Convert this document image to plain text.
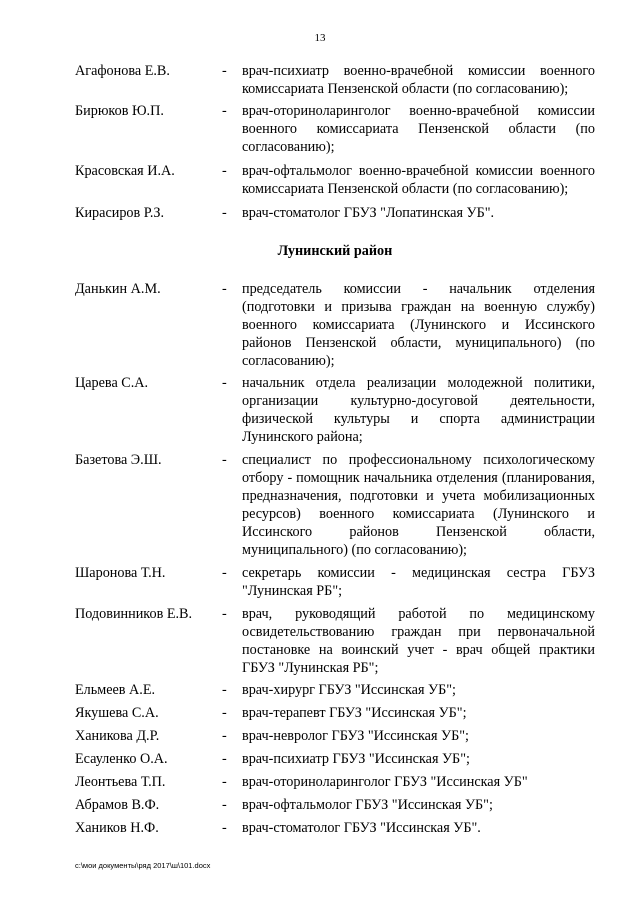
13
Агафонова Е.В.	- врач-психиатр военно-врачебной комиссии военного комиссариата Пензенской области (по согласованию);
Бирюков Ю.П.	- врач-оториноларинголог военно-врачебной комиссии военного комиссариата Пензенской области (по согласованию);
Красовская И.А.	- врач-офтальмолог военно-врачебной комиссии военного комиссариата Пензенской области (по согласованию);
Кирасиров Р.З.	- врач-стоматолог ГБУЗ "Лопатинская УБ".
Лунинский район
Данькин А.М.	- председатель комиссии - начальник отделения (подготовки и призыва граждан на военную службу) военного комиссариата (Лунинского и Иссинского районов Пензенской области, муниципального) (по согласованию);
Царева С.А.	- начальник отдела реализации молодежной политики, организации культурно-досуговой деятельности, физической культуры и спорта администрации Лунинского района;
Базетова Э.Ш.	- специалист по профессиональному психологическому отбору - помощник начальника отделения (планирования, предназначения, подготовки и учета мобилизационных ресурсов) военного комиссариата (Лунинского и Иссинского районов Пензенской области, муниципального) (по согласованию);
Шаронова Т.Н.	- секретарь комиссии - медицинская сестра ГБУЗ "Лунинская РБ";
Подовинников Е.В. - врач, руководящий работой по медицинскому освидетельствованию граждан при первоначальной постановке на воинский учет - врач общей практики ГБУЗ "Лунинская РБ";
Ельмеев А.Е.	- врач-хирург ГБУЗ "Иссинская УБ";
Якушева С.А.	- врач-терапевт ГБУЗ "Иссинская УБ";
Ханикова Д.Р.	- врач-невролог ГБУЗ "Иссинская УБ";
Есауленко О.А.	- врач-психиатр ГБУЗ "Иссинская УБ";
Леонтьева Т.П.	- врач-оториноларинголог ГБУЗ "Иссинская УБ"
Абрамов В.Ф.	- врач-офтальмолог ГБУЗ "Иссинская УБ";
Хаников Н.Ф.	- врач-стоматолог ГБУЗ "Иссинская УБ".
c:\мои документы\ряд 2017\ш\101.docx
